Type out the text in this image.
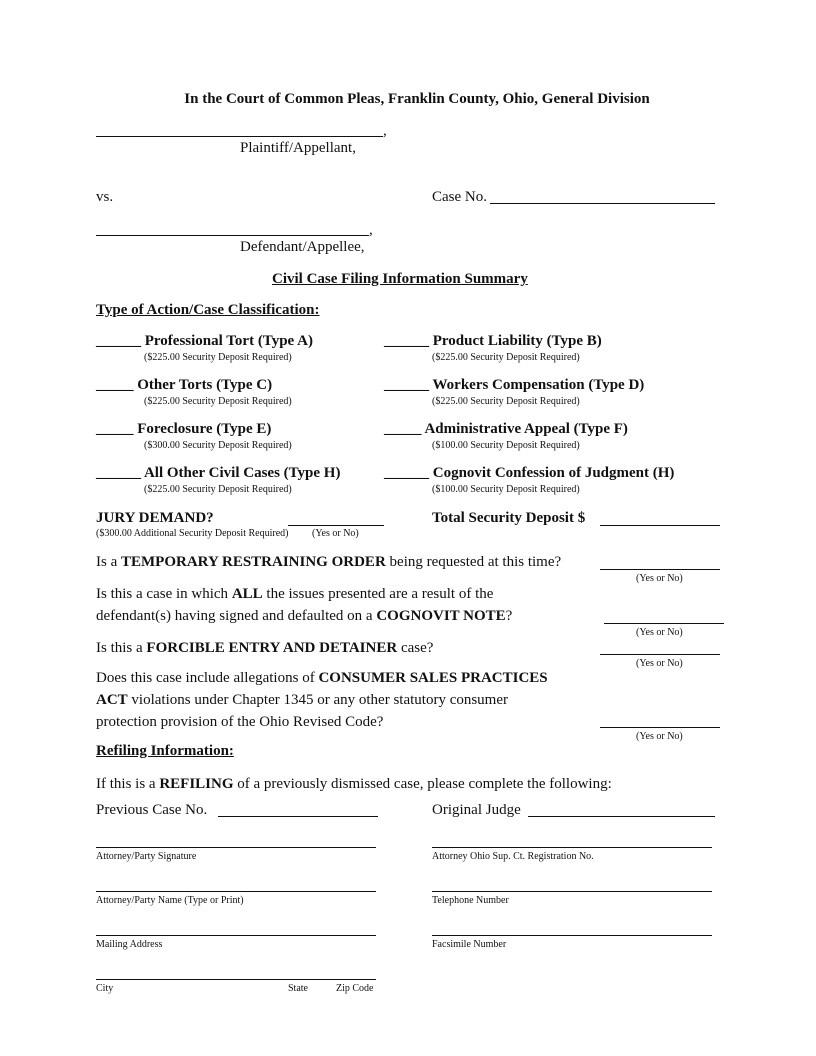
In the Court of Common Pleas, Franklin County, Ohio, General Division
,
Plaintiff/Appellant,
vs.	Case No.
,
Defendant/Appellee,
Civil Case Filing Information Summary
Type of Action/Case Classification:
______ Professional Tort (Type A)
($225.00 Security Deposit Required)
______ Product Liability (Type B)
($225.00 Security Deposit Required)
_____ Other Torts (Type C)
($225.00 Security Deposit Required)
______ Workers Compensation (Type D)
($225.00 Security Deposit Required)
_____ Foreclosure (Type E)
($300.00 Security Deposit Required)
_____ Administrative Appeal (Type F)
($100.00 Security Deposit Required)
______ All Other Civil Cases (Type H)
($225.00 Security Deposit Required)
______ Cognovit Confession of Judgment (H)
($100.00 Security Deposit Required)
JURY DEMAND?
($300.00 Additional Security Deposit Required) (Yes or No)
Total Security Deposit $
Is a TEMPORARY RESTRAINING ORDER being requested at this time?
(Yes or No)
Is this a case in which ALL the issues presented are a result of the
defendant(s) having signed and defaulted on a COGNOVIT NOTE?
(Yes or No)
Is this a FORCIBLE ENTRY AND DETAINER case?
(Yes or No)
Does this case include allegations of CONSUMER SALES PRACTICES
ACT violations under Chapter 1345 or any other statutory consumer
protection provision of the Ohio Revised Code?
(Yes or No)
Refiling Information:
If this is a REFILING of a previously dismissed case, please complete the following:
Previous Case No.	Original Judge
Attorney/Party Signature	Attorney Ohio Sup. Ct. Registration No.
Attorney/Party Name (Type or Print)	Telephone Number
Mailing Address	Facsimile Number
City	State	Zip Code
